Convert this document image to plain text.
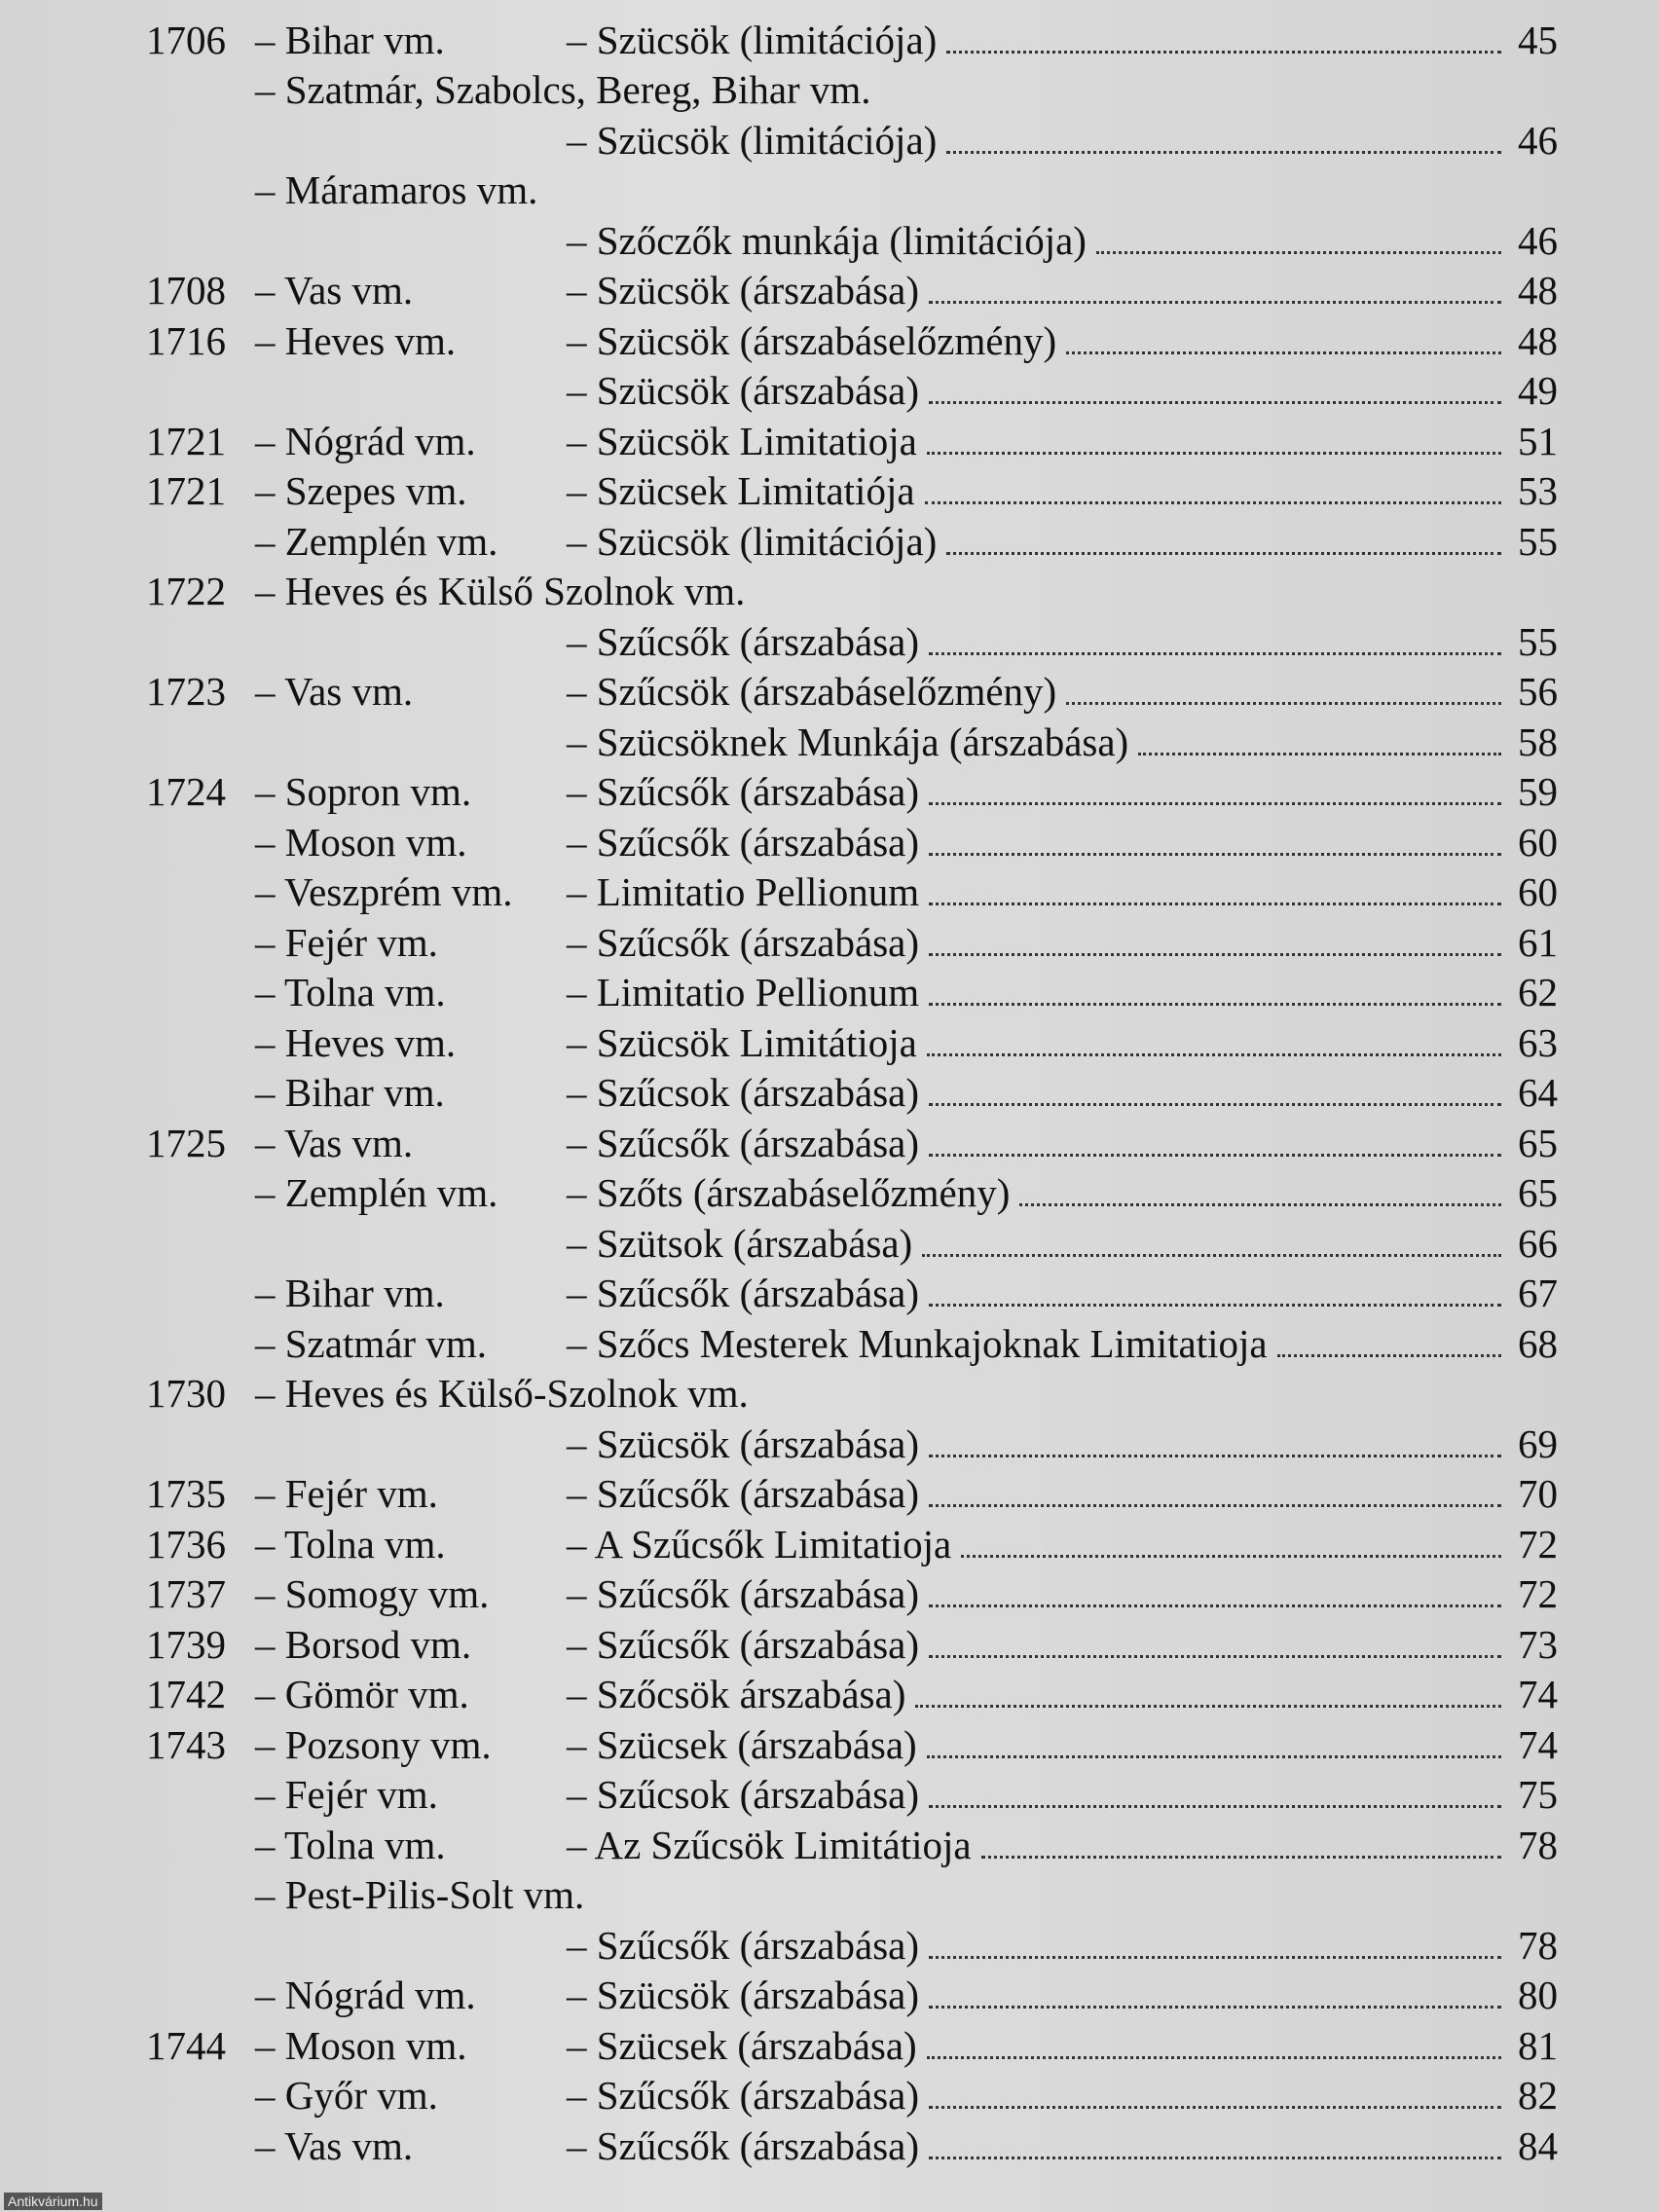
1706 – Bihar vm.	– Szücsök (limitációja)	45
– Szatmár, Szabolcs, Bereg, Bihar vm.
– Szücsök (limitációja)	46
– Máramaros vm.
– Szőczők munkája (limitációja)	46
1708 – Vas vm.	– Szücsök (árszabása)	48
1716 – Heves vm.	– Szücsök (árszabáselőzmény)	48
– Szücsök (árszabása)	49
1721 – Nógrád vm.	– Szücsök Limitatioja	51
1721 – Szepes vm.	– Szücsek Limitatiója	53
– Zemplén vm.	– Szücsök (limitációja)	55
1722 – Heves és Külső Szolnok vm.
– Szűcsők (árszabása)	55
1723 – Vas vm.	– Szűcsök (árszabáselőzmény)	56
– Szücsöknek Munkája (árszabása)	58
1724 – Sopron vm.	– Szűcsők (árszabása)	59
– Moson vm.	– Szűcsők (árszabása)	60
– Veszprém vm.	– Limitatio Pellionum	60
– Fejér vm.	– Szűcsők (árszabása)	61
– Tolna vm.	– Limitatio Pellionum	62
– Heves vm.	– Szücsök Limitátioja	63
– Bihar vm.	– Szűcsok (árszabása)	64
1725 – Vas vm.	– Szűcsők (árszabása)	65
– Zemplén vm.	– Szőts (árszabáselőzmény)	65
– Szütsok (árszabása)	66
– Bihar vm.	– Szűcsők (árszabása)	67
– Szatmár vm.	– Szőcs Mesterek Munkajoknak Limitatioja	68
1730 – Heves és Külső-Szolnok vm.
– Szücsök (árszabása)	69
1735 – Fejér vm.	– Szűcsők (árszabása)	70
1736 – Tolna vm.	– A Szűcsők Limitatioja	72
1737 – Somogy vm.	– Szűcsők (árszabása)	72
1739 – Borsod vm.	– Szűcsők (árszabása)	73
1742 – Gömör vm.	– Szőcsök árszabása)	74
1743 – Pozsony vm.	– Szücsek (árszabása)	74
– Fejér vm.	– Szűcsok (árszabása)	75
– Tolna vm.	– Az Szűcsök Limitátioja	78
– Pest-Pilis-Solt vm.
– Szűcsők (árszabása)	78
– Nógrád vm.	– Szücsök (árszabása)	80
1744 – Moson vm.	– Szücsek (árszabása)	81
– Győr vm.	– Szűcsők (árszabása)	82
– Vas vm.	– Szűcsők (árszabása)	84
Antikvárium.hu
